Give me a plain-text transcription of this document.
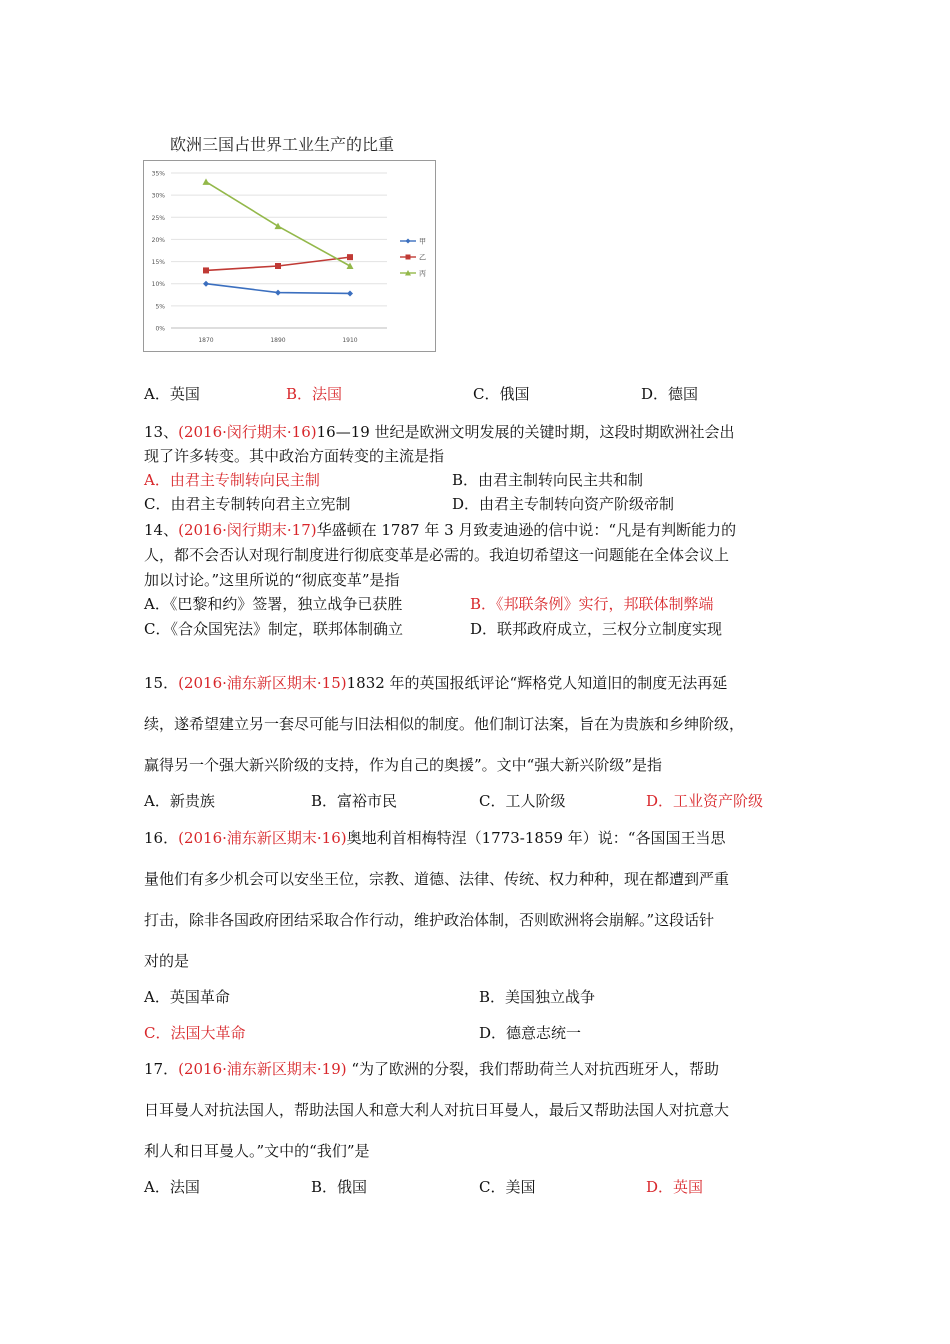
欧洲三国占世界工业生产的比重
0%
5%
10%
15%
20%
25%
30%
35%
1870	1890	1910
甲
乙
丙
A．英国	B．法国	C．俄国	D．德国
13、(2016·闵行期末·16)16—19 世纪是欧洲文明发展的关键时期，这段时期欧洲社会出
现了许多转变。其中政治方面转变的主流是指
A．由君主专制转向民主制	B．由君主制转向民主共和制
C．由君主专制转向君主立宪制	D．由君主专制转向资产阶级帝制
14、(2016·闵行期末·17)华盛顿在 1787 年 3 月致麦迪逊的信中说：“凡是有判断能力的
人，都不会否认对现行制度进行彻底变革是必需的。我迫切希望这一问题能在全体会议上
加以讨论。”这里所说的“彻底变革”是指
A．《巴黎和约》签署，独立战争已获胜	B．《邦联条例》实行，邦联体制弊端
C．《合众国宪法》制定，联邦体制确立	D．联邦政府成立，三权分立制度实现
15．(2016·浦东新区期末·15)1832 年的英国报纸评论“辉格党人知道旧的制度无法再延
续，遂希望建立另一套尽可能与旧法相似的制度。他们制订法案，旨在为贵族和乡绅阶级，
赢得另一个强大新兴阶级的支持，作为自己的奥援”。文中“强大新兴阶级”是指
A．新贵族	B．富裕市民	C．工人阶级	D．工业资产阶级
16．(2016·浦东新区期末·16)奥地利首相梅特涅（1773-1859 年）说：“各国国王当思
量他们有多少机会可以安坐王位，宗教、道德、法律、传统、权力种种，现在都遭到严重
打击，除非各国政府团结采取合作行动，维护政治体制，否则欧洲将会崩解。”这段话针
对的是
A．英国革命	B．美国独立战争
C．法国大革命	D．德意志统一
17．(2016·浦东新区期末·19) “为了欧洲的分裂，我们帮助荷兰人对抗西班牙人，帮助
日耳曼人对抗法国人，帮助法国人和意大利人对抗日耳曼人，最后又帮助法国人对抗意大
利人和日耳曼人。”文中的“我们”是
A．法国	B．俄国	C．美国	D．英国
